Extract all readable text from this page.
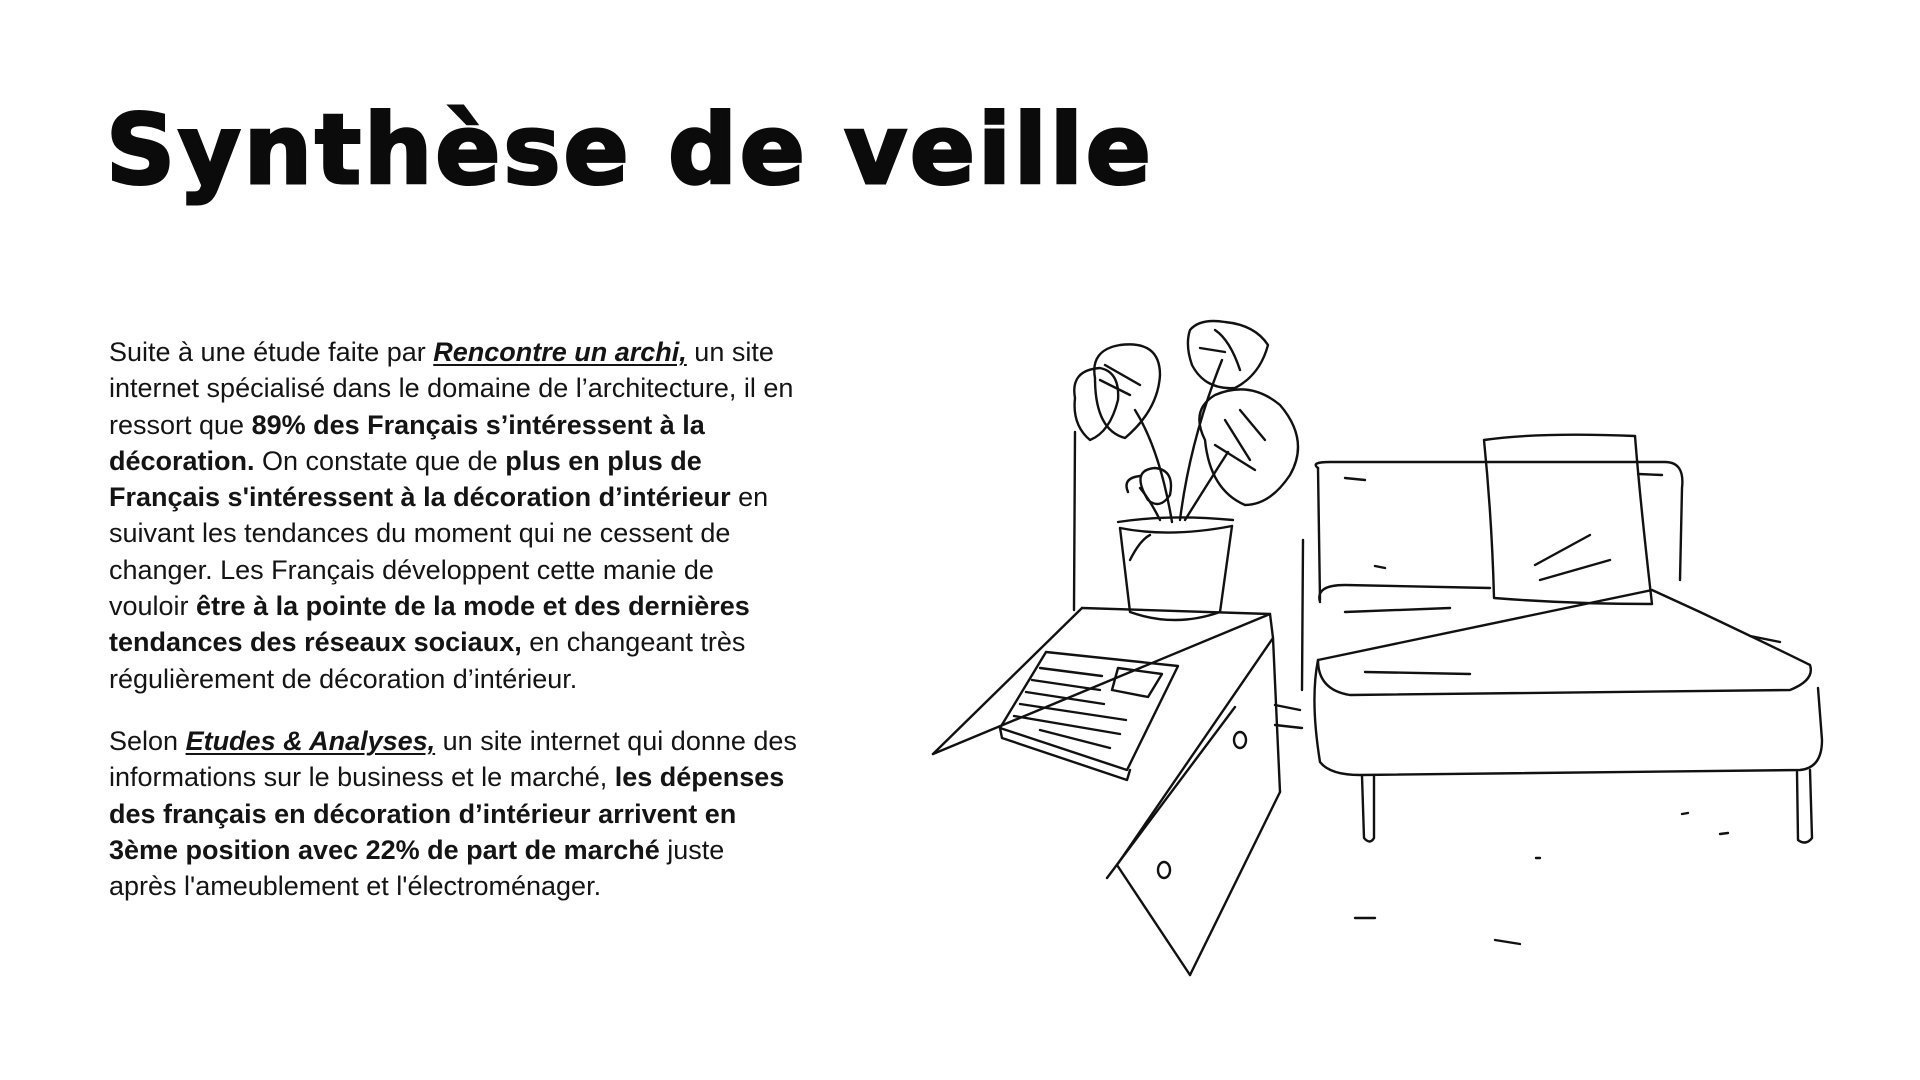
Synthèse de veille

Suite à une étude faite par Rencontre un archi, un site internet spécialisé dans le domaine de l’architecture, il en ressort que 89% des Français s’intéressent à la décoration. On constate que de plus en plus de Français s'intéressent à la décoration d’intérieur en suivant les tendances du moment qui ne cessent de changer. Les Français développent cette manie de vouloir être à la pointe de la mode et des dernières tendances des réseaux sociaux, en changeant très régulièrement de décoration d’intérieur.

Selon Etudes & Analyses, un site internet qui donne des informations sur le business et le marché, les dépenses des français en décoration d’intérieur arrivent en 3ème position avec 22% de part de marché juste après l'ameublement et l'électroménager.
